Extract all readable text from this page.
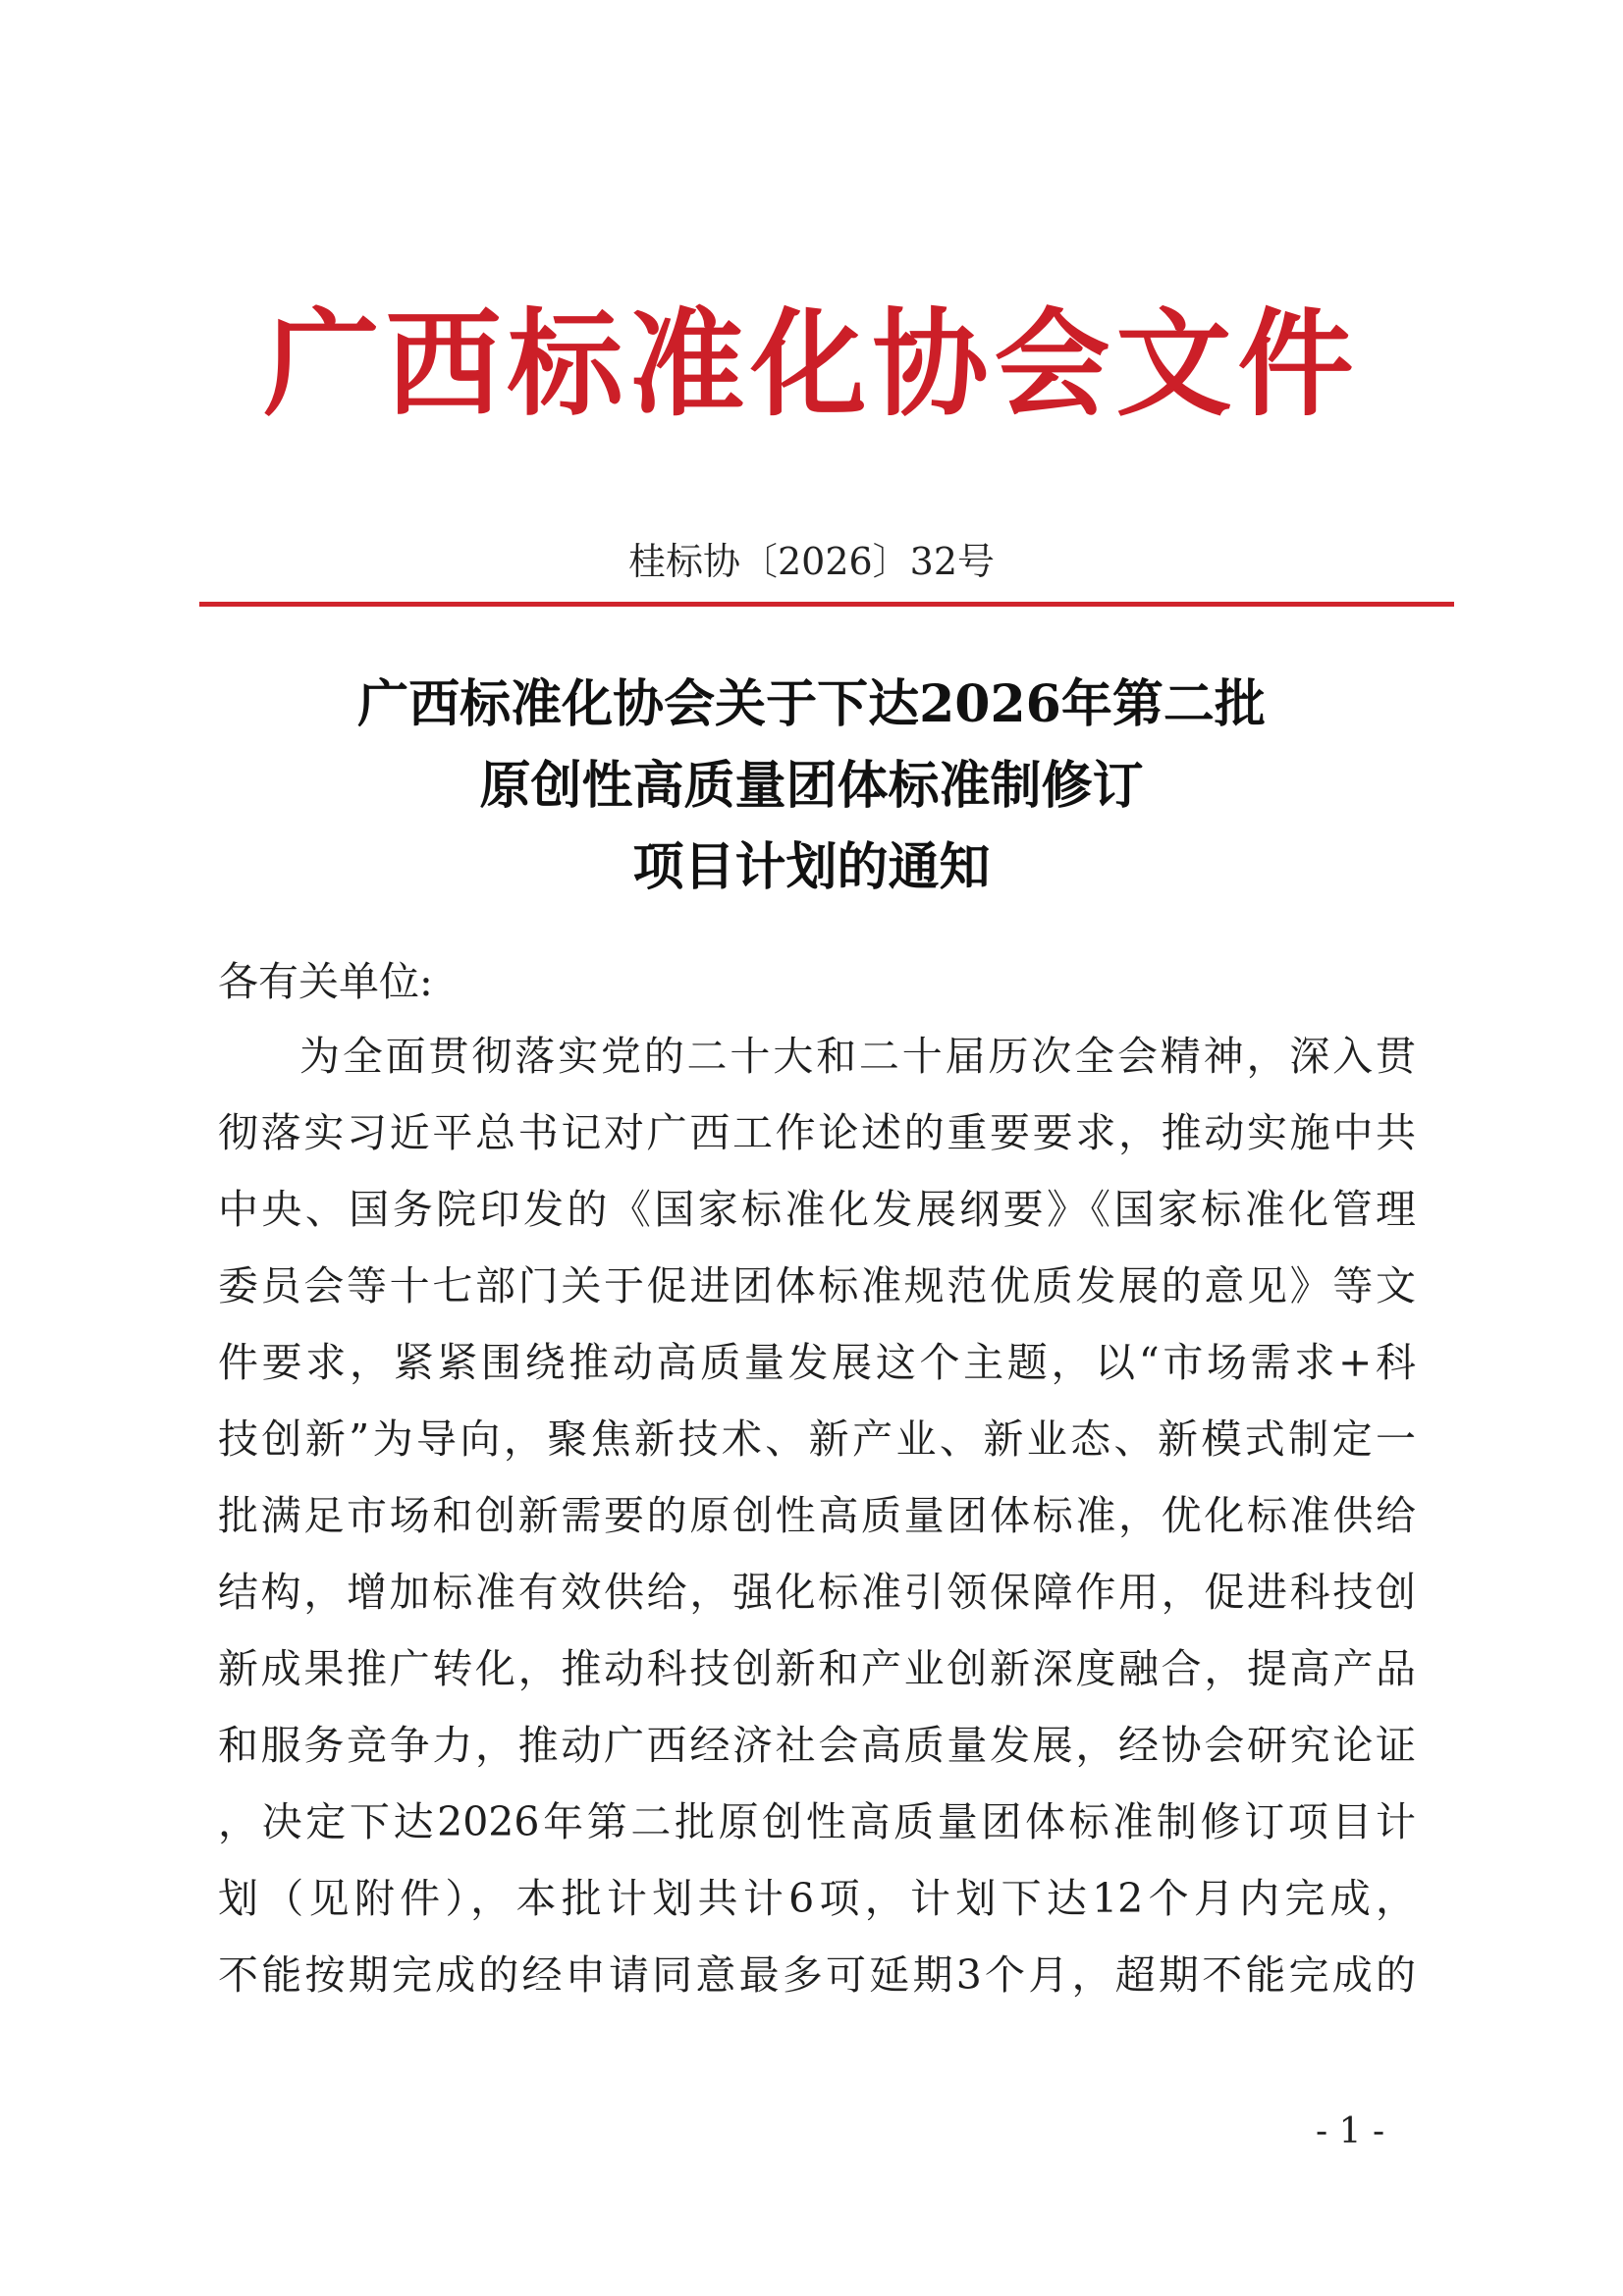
广西标准化协会文件
桂标协〔2026〕32号
广西标准化协会关于下达2026年第二批
原创性高质量团体标准制修订
项目计划的通知
各有关单位:
为全面贯彻落实党的二十大和二十届历次全会精神，深入贯
彻落实习近平总书记对广西工作论述的重要要求，推动实施中共
中央、国务院印发的《国家标准化发展纲要》《国家标准化管理
委员会等十七部门关于促进团体标准规范优质发展的意见》等文
件要求，紧紧围绕推动高质量发展这个主题，以“市场需求+科
技创新”为导向，聚焦新技术、新产业、新业态、新模式制定一
批满足市场和创新需要的原创性高质量团体标准，优化标准供给
结构，增加标准有效供给，强化标准引领保障作用，促进科技创
新成果推广转化，推动科技创新和产业创新深度融合，提高产品
和服务竞争力，推动广西经济社会高质量发展，经协会研究论证
，决定下达2026年第二批原创性高质量团体标准制修订项目计
划（见附件），本批计划共计6项，计划下达12个月内完成，
不能按期完成的经申请同意最多可延期3个月，超期不能完成的
- 1 -
